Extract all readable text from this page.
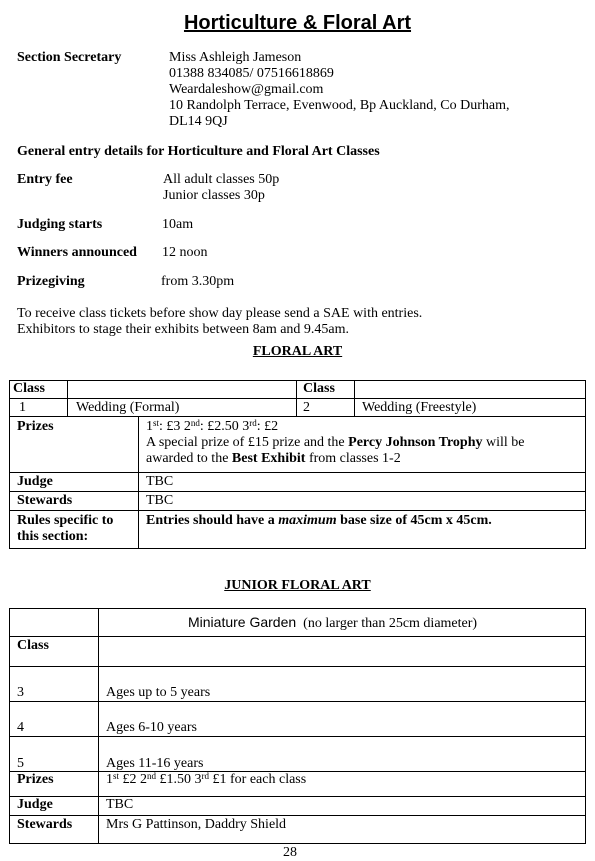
Horticulture & Floral Art
Section Secretary	Miss Ashleigh Jameson
01388 834085/ 07516618869
Weardaleshow@gmail.com
10 Randolph Terrace, Evenwood, Bp Auckland, Co Durham,
DL14 9QJ
General entry details for Horticulture and Floral Art Classes
Entry fee	All adult classes 50p
Junior classes 30p
Judging starts	10am
Winners announced 12 noon
Prizegiving	from 3.30pm
To receive class tickets before show day please send a SAE with entries.
Exhibitors to stage their exhibits between 8am and 9.45am.
FLORAL ART
Class	Class
1	Wedding (Formal)	2	Wedding (Freestyle)
Prizes	1st: £3 2nd: £2.50 3rd: £2
A special prize of £15 prize and the Percy Johnson Trophy will be
awarded to the Best Exhibit from classes 1-2
Judge	TBC
Stewards	TBC
Rules specific to
this section:
Entries should have a maximum base size of 45cm x 45cm.
JUNIOR FLORAL ART
Miniature Garden (no larger than 25cm diameter)
Class
3	Ages up to 5 years
4	Ages 6-10 years
5	Ages 11-16 years
Prizes	1st £2 2nd £1.50 3rd £1 for each class
Judge	TBC
Stewards Mrs G Pattinson, Daddry Shield
28
